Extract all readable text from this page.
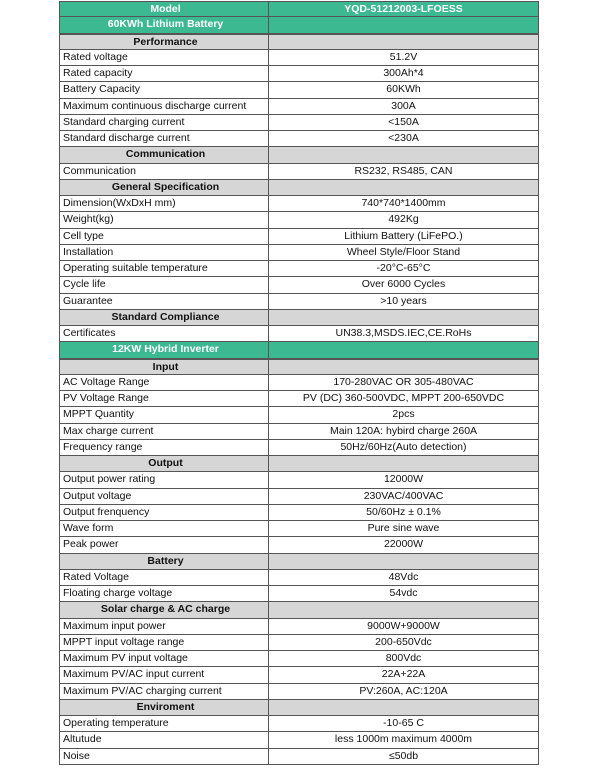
Model	YQD-51212003-LFOESS
60KWh Lithium Battery
Performance
Rated voltage	51.2V
Rated capacity	300Ah*4
Battery Capacity	60KWh
Maximum continuous discharge current	300A
Standard charging current	<150A
Standard discharge current	<230A
Communication
Communication	RS232, RS485, CAN
General Specification
Dimension(WxDxH mm)	740*740*1400mm
Weight(kg)	492Kg
Cell type	Lithium Battery (LiFePO.)
Installation	Wheel Style/Floor Stand
Operating suitable temperature	-20°C-65°C
Cycle life	Over 6000 Cycles
Guarantee	>10 years
Standard Compliance
Certificates	UN38.3,MSDS.IEC,CE.RoHs
12KW Hybrid Inverter
Input
AC Voltage Range	170-280VAC OR 305-480VAC
PV Voltage Range	PV (DC) 360-500VDC, MPPT 200-650VDC
MPPT Quantity	2pcs
Max charge current	Main 120A: hybird charge 260A
Frequency range	50Hz/60Hz(Auto detection)
Output
Output power rating	12000W
Output voltage	230VAC/400VAC
Output frenquency	50/60Hz ± 0.1%
Wave form	Pure sine wave
Peak power	22000W
Battery
Rated Voltage	48Vdc
Floating charge voltage	54vdc
Solar charge & AC charge
Maximum input power	9000W+9000W
MPPT input voltage range	200-650Vdc
Maximum PV input voltage	800Vdc
Maximum PV/AC input current	22A+22A
Maximum PV/AC charging current	PV:260A, AC:120A
Enviroment
Operating temperature	-10-65 C
Altutude	less 1000m maximum 4000m
Noise	≤50db
